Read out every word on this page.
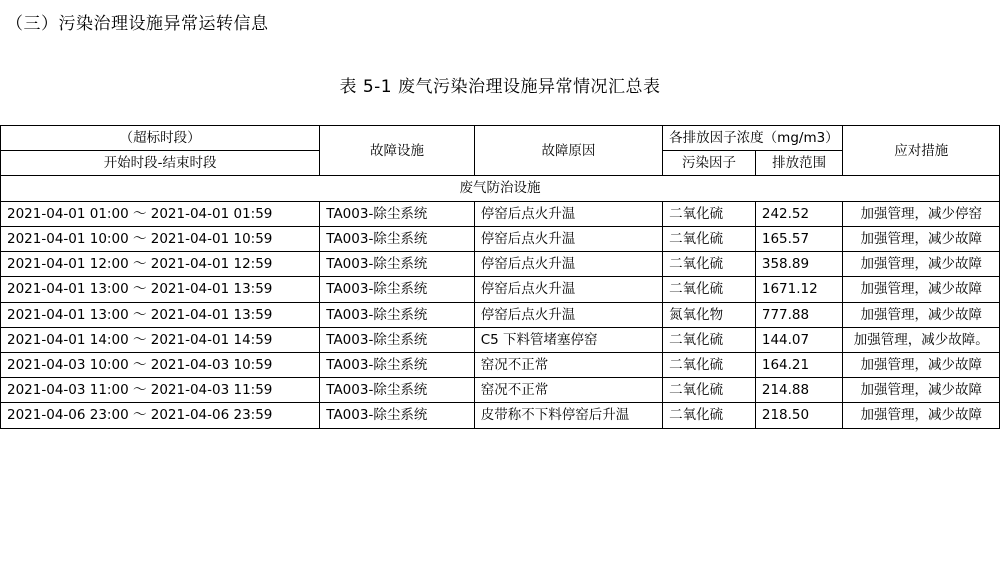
（三）污染治理设施异常运转信息
表 5-1 废气污染治理设施异常情况汇总表
（超标时段）	故障设施	故障原因	各排放因子浓度（mg/m3）		应对措施
开始时段-结束时段			污染因子	排放范围	
废气防治设施					
2021-04-01 01:00 ～ 2021-04-01 01:59	TA003-除尘系统	停窑后点火升温	二氧化硫	242.52	加强管理，减少停窑
2021-04-01 10:00 ～ 2021-04-01 10:59	TA003-除尘系统	停窑后点火升温	二氧化硫	165.57	加强管理，减少故障
2021-04-01 12:00 ～ 2021-04-01 12:59	TA003-除尘系统	停窑后点火升温	二氧化硫	358.89	加强管理，减少故障
2021-04-01 13:00 ～ 2021-04-01 13:59	TA003-除尘系统	停窑后点火升温	二氧化硫	1671.12	加强管理，减少故障
2021-04-01 13:00 ～ 2021-04-01 13:59	TA003-除尘系统	停窑后点火升温	氮氧化物	777.88	加强管理，减少故障
2021-04-01 14:00 ～ 2021-04-01 14:59	TA003-除尘系统	C5 下料管堵塞停窑	二氧化硫	144.07	加强管理，减少故障。
2021-04-03 10:00 ～ 2021-04-03 10:59	TA003-除尘系统	窑况不正常	二氧化硫	164.21	加强管理，减少故障
2021-04-03 11:00 ～ 2021-04-03 11:59	TA003-除尘系统	窑况不正常	二氧化硫	214.88	加强管理，减少故障
2021-04-06 23:00 ～ 2021-04-06 23:59	TA003-除尘系统	皮带称不下料停窑后升温	二氧化硫	218.50	加强管理，减少故障
